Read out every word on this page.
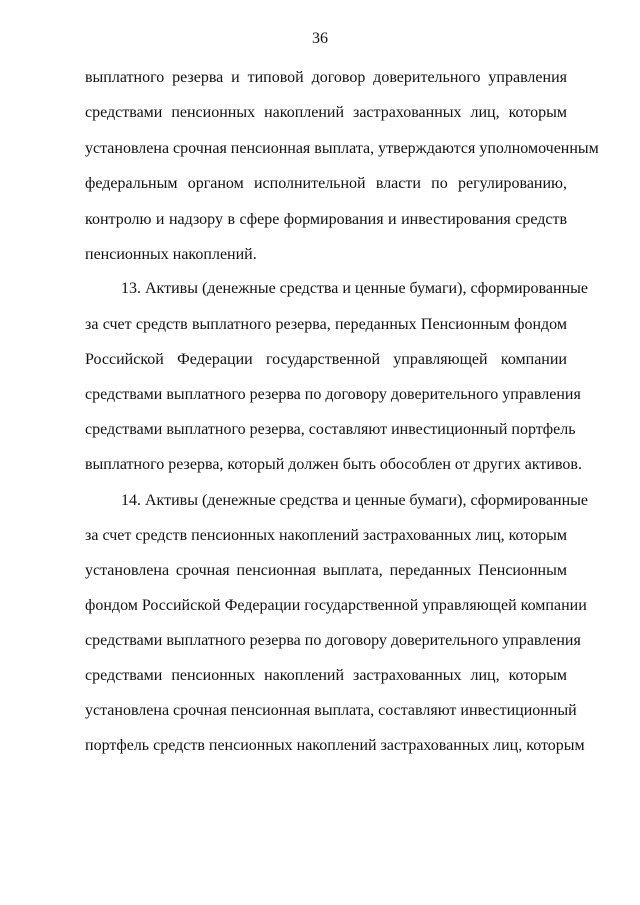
36
выплатного резерва и типовой договор доверительного управления
средствами пенсионных накоплений застрахованных лиц, которым
установлена срочная пенсионная выплата, утверждаются уполномоченным
федеральным органом исполнительной власти по регулированию,
контролю и надзору в сфере формирования и инвестирования средств
пенсионных накоплений.
13. Активы (денежные средства и ценные бумаги), сформированные
за счет средств выплатного резерва, переданных Пенсионным фондом
Российской Федерации государственной управляющей компании
средствами выплатного резерва по договору доверительного управления
средствами выплатного резерва, составляют инвестиционный портфель
выплатного резерва, который должен быть обособлен от других активов.
14. Активы (денежные средства и ценные бумаги), сформированные
за счет средств пенсионных накоплений застрахованных лиц, которым
установлена срочная пенсионная выплата, переданных Пенсионным
фондом Российской Федерации государственной управляющей компании
средствами выплатного резерва по договору доверительного управления
средствами пенсионных накоплений застрахованных лиц, которым
установлена срочная пенсионная выплата, составляют инвестиционный
портфель средств пенсионных накоплений застрахованных лиц, которым
